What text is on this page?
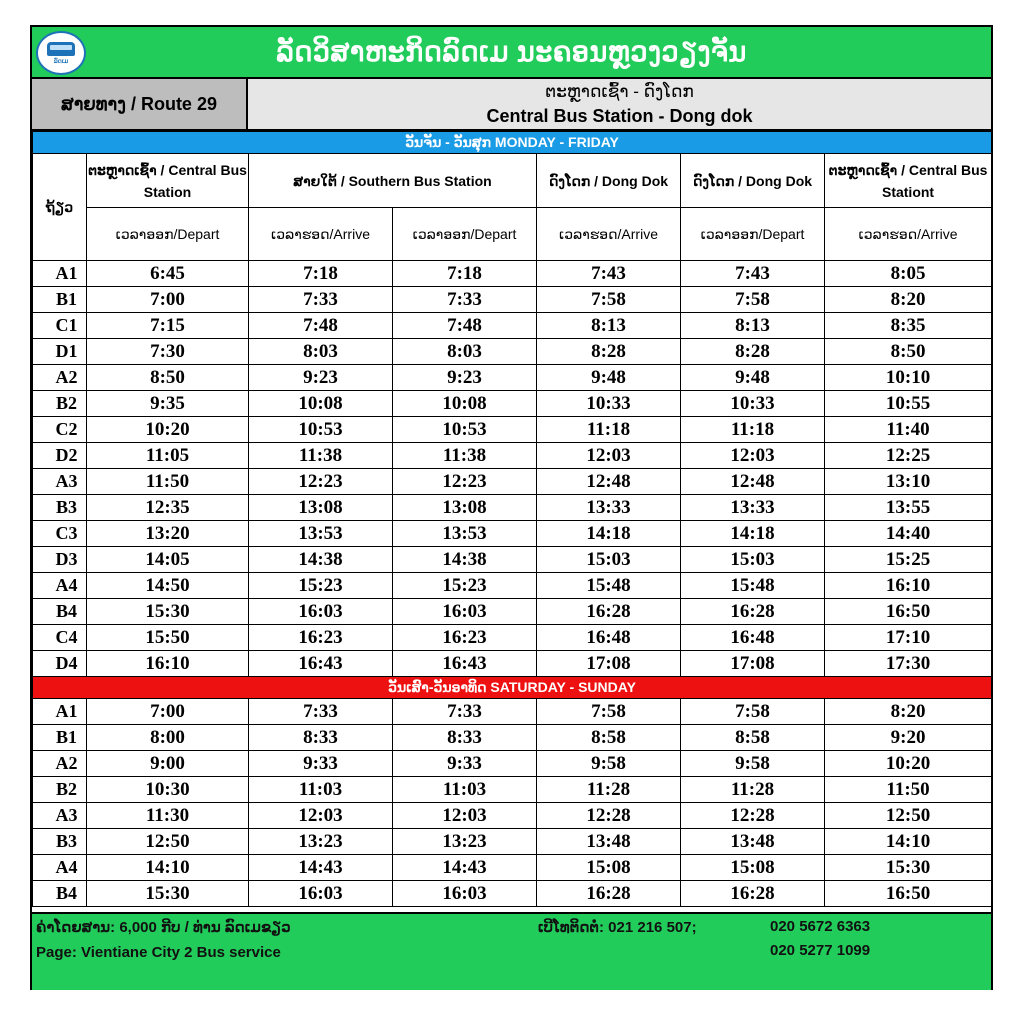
ລົດເມ	ລັດວິສາຫະກິດລົດເມ ນະຄອນຫຼວງວຽງຈັນ
ສາຍທາງ / Route 29
ຕະຫຼາດເຊົ້າ - ດົງໂດກ
Central Bus Station - Dong dok
ວັນຈັນ - ວັນສຸກ MONDAY - FRIDAY						
ຖ້ຽວ	ຕະຫຼາດເຊົ້າ / Central Bus Station	ສາຍໃຕ້ / Southern Bus Station		ດົງໂດກ / Dong Dok	ດົງໂດກ / Dong Dok	ຕະຫຼາດເຊົ້າ / Central Bus Stationt
	ເວລາອອກ/Depart	ເວລາຮອດ/Arrive	ເວລາອອກ/Depart	ເວລາຮອດ/Arrive	ເວລາອອກ/Depart	ເວລາຮອດ/Arrive
A1	6:45	7:18	7:18	7:43	7:43	8:05
B1	7:00	7:33	7:33	7:58	7:58	8:20
C1	7:15	7:48	7:48	8:13	8:13	8:35
D1	7:30	8:03	8:03	8:28	8:28	8:50
A2	8:50	9:23	9:23	9:48	9:48	10:10
B2	9:35	10:08	10:08	10:33	10:33	10:55
C2	10:20	10:53	10:53	11:18	11:18	11:40
D2	11:05	11:38	11:38	12:03	12:03	12:25
A3	11:50	12:23	12:23	12:48	12:48	13:10
B3	12:35	13:08	13:08	13:33	13:33	13:55
C3	13:20	13:53	13:53	14:18	14:18	14:40
D3	14:05	14:38	14:38	15:03	15:03	15:25
A4	14:50	15:23	15:23	15:48	15:48	16:10
B4	15:30	16:03	16:03	16:28	16:28	16:50
C4	15:50	16:23	16:23	16:48	16:48	17:10
D4	16:10	16:43	16:43	17:08	17:08	17:30
ວັນເສົາ-ວັນອາທິດ SATURDAY - SUNDAY						
A1	7:00	7:33	7:33	7:58	7:58	8:20
B1	8:00	8:33	8:33	8:58	8:58	9:20
A2	9:00	9:33	9:33	9:58	9:58	10:20
B2	10:30	11:03	11:03	11:28	11:28	11:50
A3	11:30	12:03	12:03	12:28	12:28	12:50
B3	12:50	13:23	13:23	13:48	13:48	14:10
A4	14:10	14:43	14:43	15:08	15:08	15:30
B4	15:30	16:03	16:03	16:28	16:28	16:50
ຄ່າໂດຍສານ: 6,000 ກີບ / ທ່ານ ລົດເມຂຽວ
Page: Vientiane City 2 Bus service
ເບີໂທຕິດຕໍ່: 021 216 507;	020 5672 6363
020 5277 1099
